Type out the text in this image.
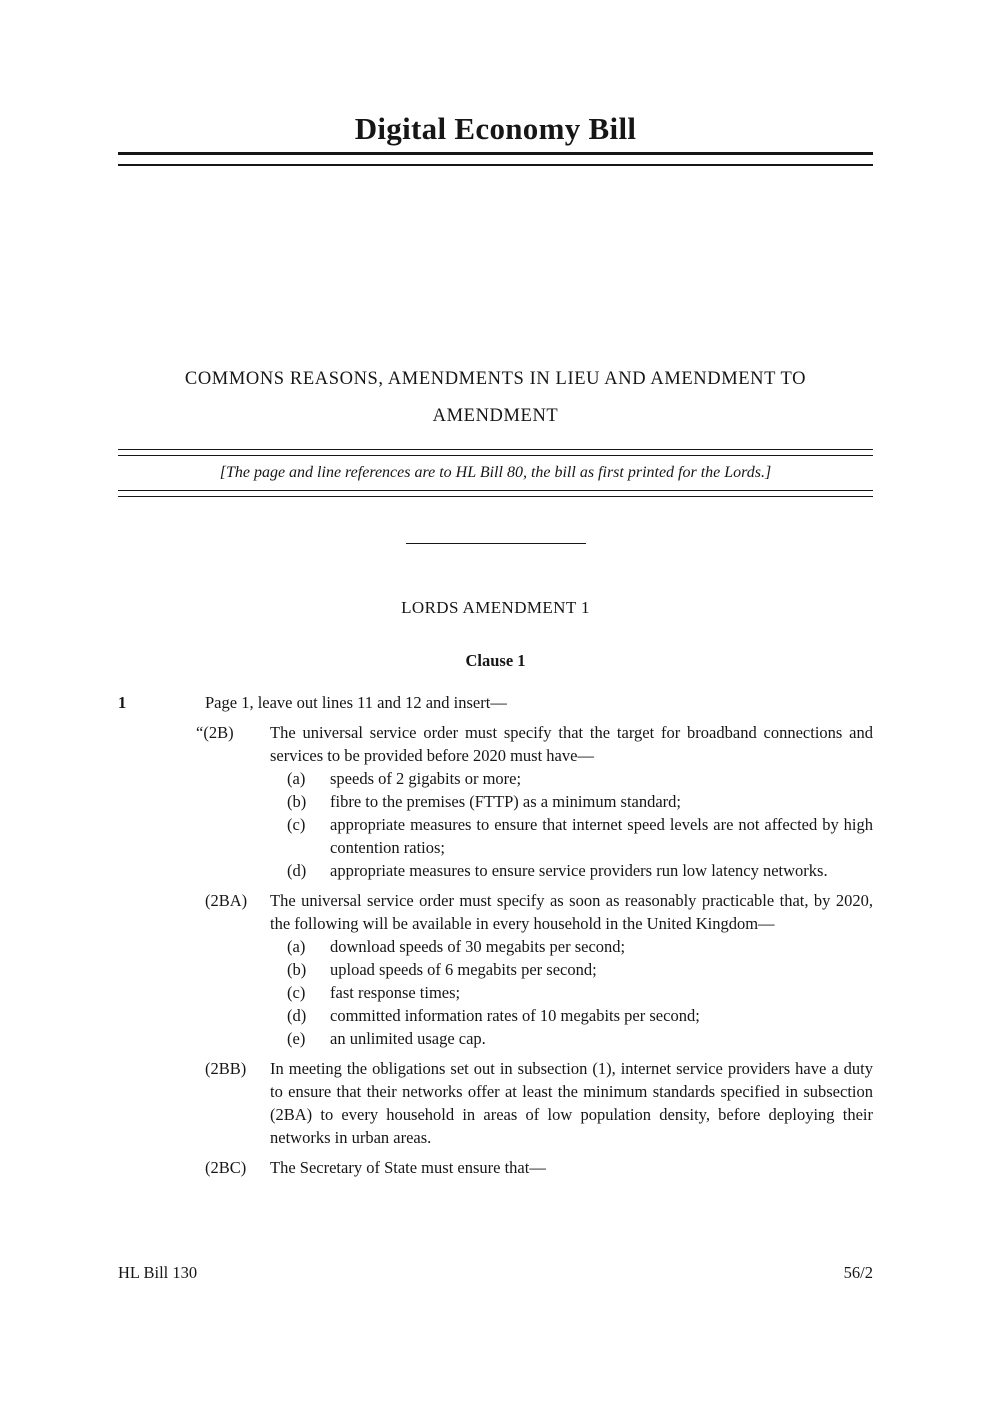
Digital Economy Bill
COMMONS REASONS, AMENDMENTS IN LIEU AND AMENDMENT TO
AMENDMENT
[The page and line references are to HL Bill 80, the bill as first printed for the Lords.]
LORDS AMENDMENT 1
Clause 1
1	Page 1, leave out lines 11 and 12 and insert—
“(2B)	The universal service order must specify that the target for broadband connections and services to be provided before 2020 must have—

(a)	speeds of 2 gigabits or more;
(b)	fibre to the premises (FTTP) as a minimum standard;
(c)	appropriate measures to ensure that internet speed levels are not affected by high contention ratios;
(d)	appropriate measures to ensure service providers run low latency networks.
(2BA)	The universal service order must specify as soon as reasonably practicable that, by 2020, the following will be available in every household in the United Kingdom—

(a)	download speeds of 30 megabits per second;
(b)	upload speeds of 6 megabits per second;
(c)	fast response times;
(d)	committed information rates of 10 megabits per second;
(e)	an unlimited usage cap.
(2BB)	In meeting the obligations set out in subsection (1), internet service providers have a duty to ensure that their networks offer at least the minimum standards specified in subsection (2BA) to every household in areas of low population density, before deploying their networks in urban areas.

(2BC)	The Secretary of State must ensure that—

HL Bill 130	56/2
